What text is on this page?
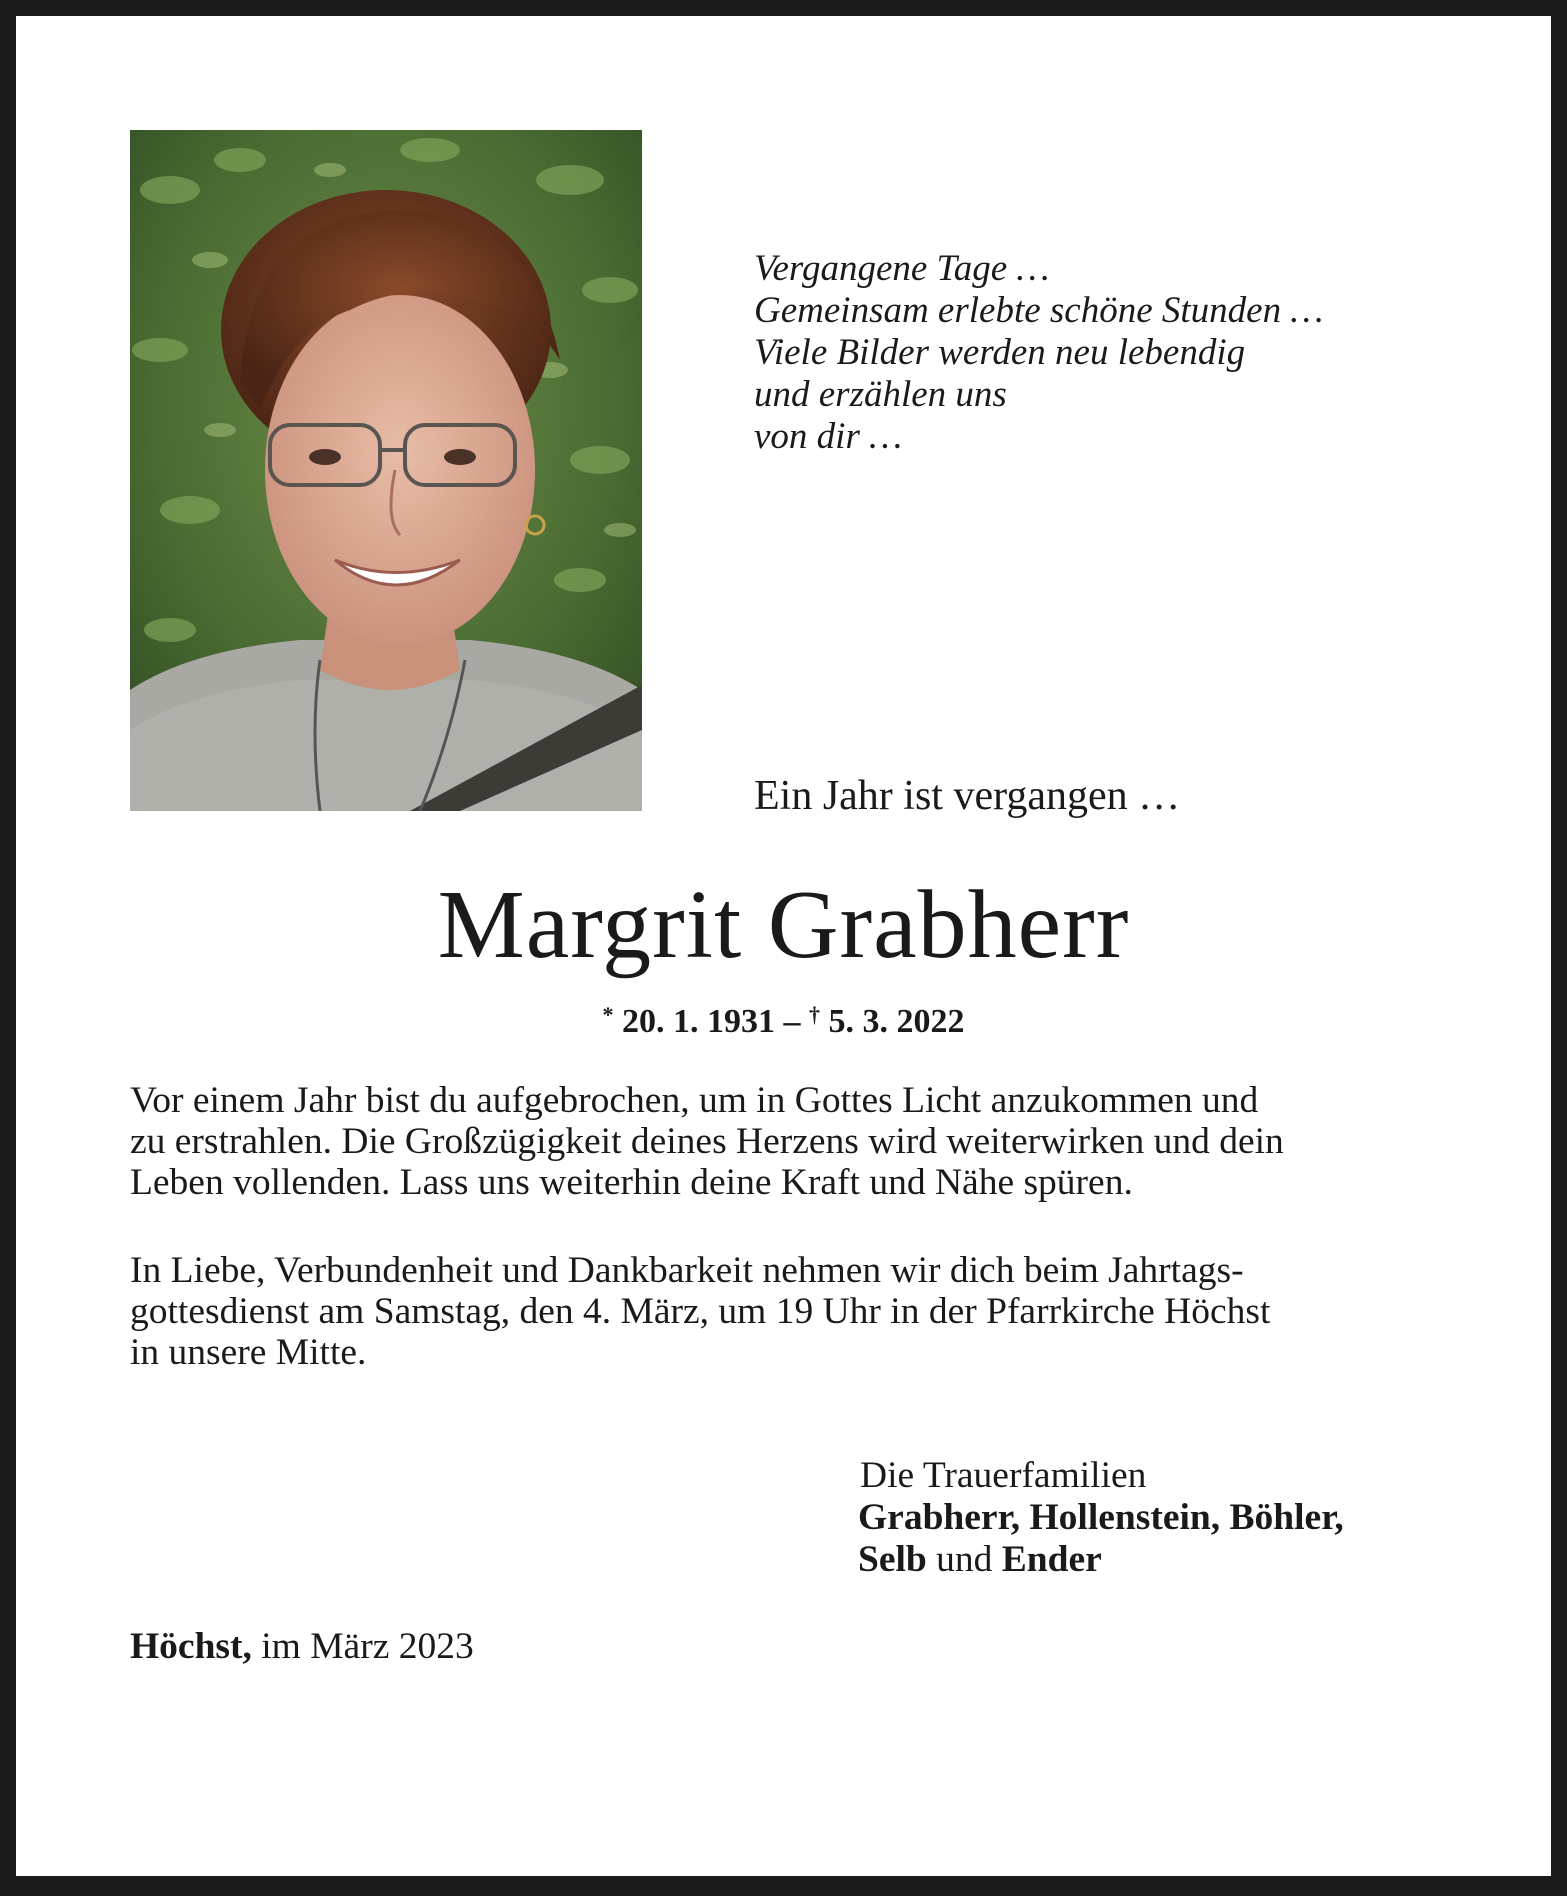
Vergangene Tage …
Gemeinsam erlebte schöne Stunden …
Viele Bilder werden neu lebendig
und erzählen uns
von dir …
Ein Jahr ist vergangen …
Margrit Grabherr
* 20. 1. 1931 – † 5. 3. 2022
Vor einem Jahr bist du aufgebrochen, um in Gottes Licht anzukommen und
zu erstrahlen. Die Großzügigkeit deines Herzens wird weiterwirken und dein
Leben vollenden. Lass uns weiterhin deine Kraft und Nähe spüren.
In Liebe, Verbundenheit und Dankbarkeit nehmen wir dich beim Jahrtags-
gottesdienst am Samstag, den 4. März, um 19 Uhr in der Pfarrkirche Höchst
in unsere Mitte.
Die Trauerfamilien
Grabherr, Hollenstein, Böhler,
Selb und Ender
Höchst, im März 2023
